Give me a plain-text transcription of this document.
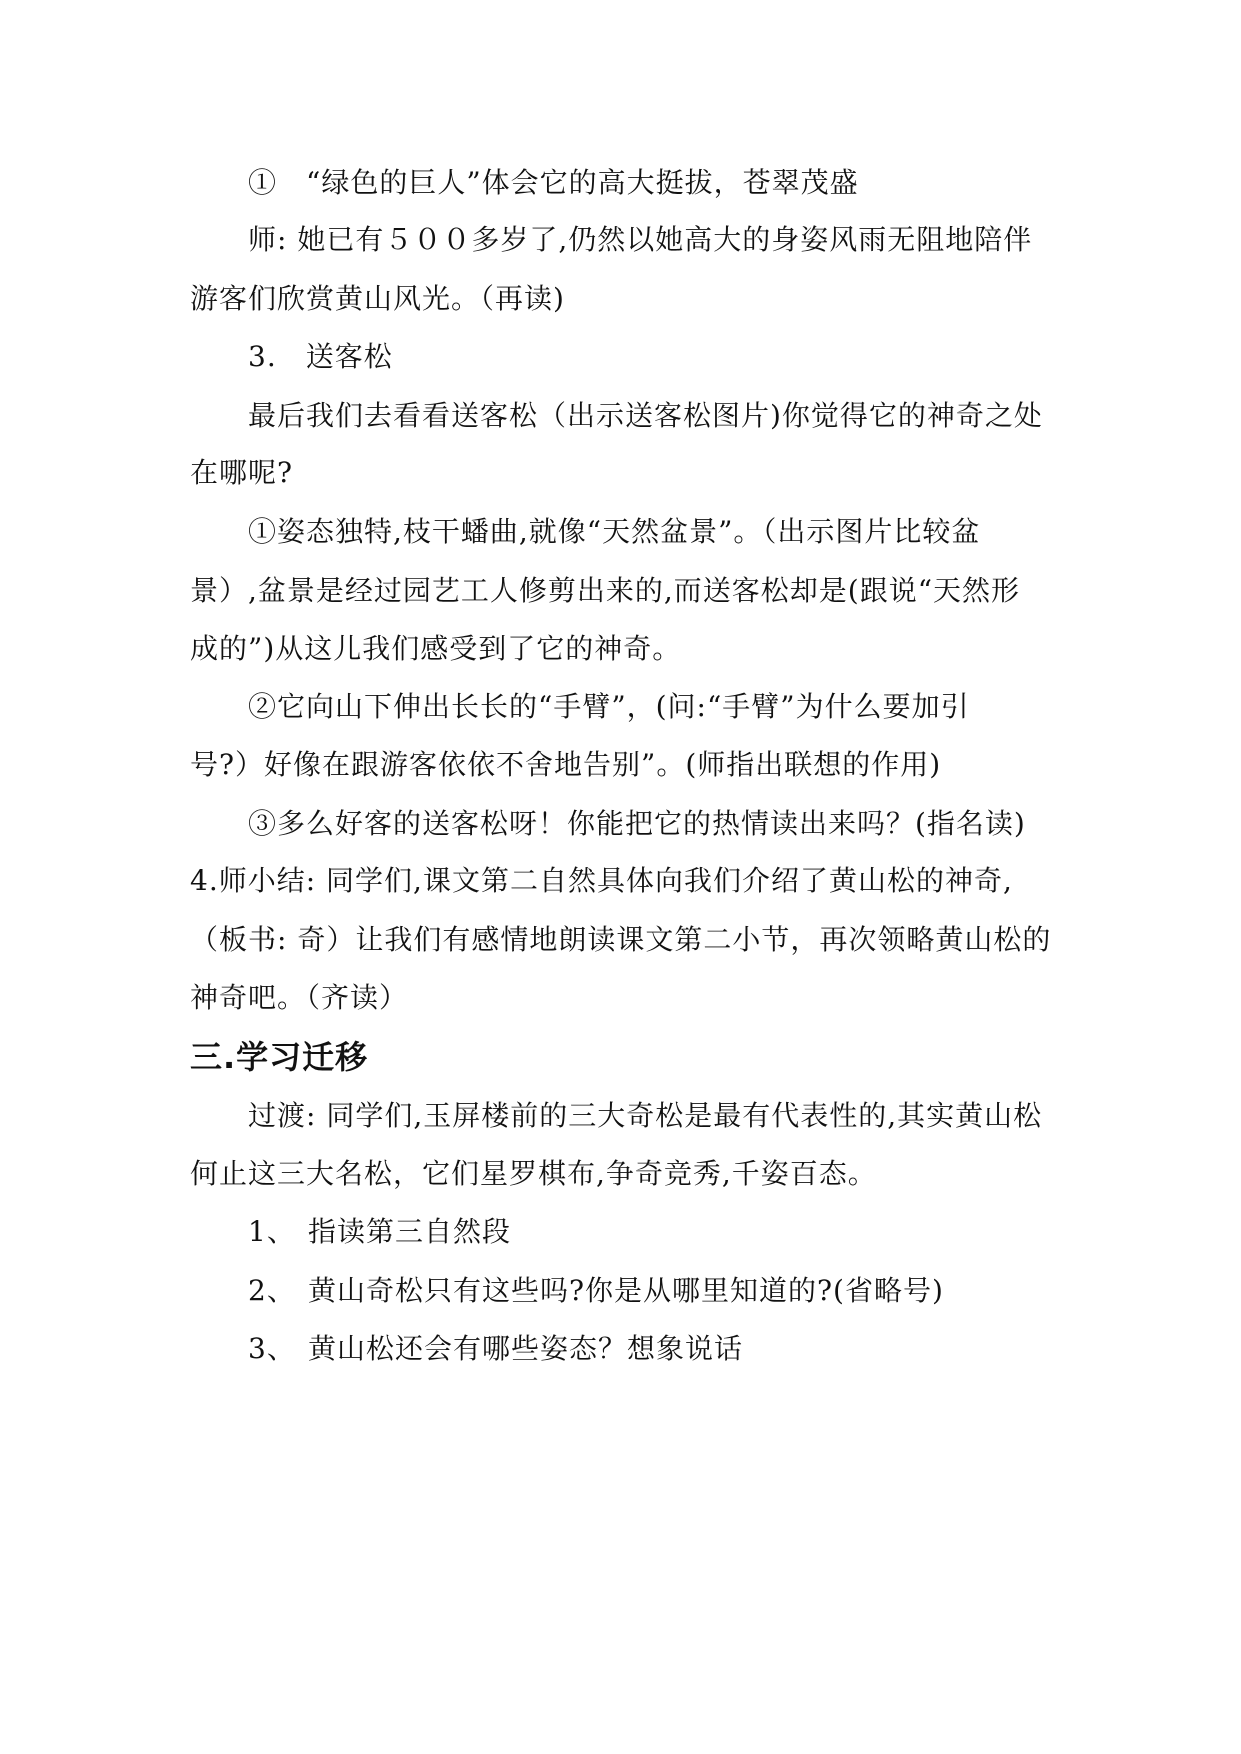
①　“绿色的巨人”体会它的高大挺拔，苍翠茂盛
师: 她已有５００多岁了,仍然以她高大的身姿风雨无阻地陪伴
游客们欣赏黄山风光。（再读)
3.　送客松
最后我们去看看送客松（出示送客松图片)你觉得它的神奇之处
在哪呢?
①姿态独特,枝干蟠曲,就像“天然盆景”。（出示图片比较盆
景）,盆景是经过园艺工人修剪出来的,而送客松却是(跟说“天然形
成的”)从这儿我们感受到了它的神奇。
②它向山下伸出长长的“手臂”，(问:“手臂”为什么要加引
号?）好像在跟游客依依不舍地告别”。(师指出联想的作用)
③多么好客的送客松呀！你能把它的热情读出来吗？(指名读)
4.师小结: 同学们,课文第二自然具体向我们介绍了黄山松的神奇,
（板书: 奇）让我们有感情地朗读课文第二小节，再次领略黄山松的
神奇吧。（齐读）
三.学习迁移
过渡: 同学们,玉屏楼前的三大奇松是最有代表性的,其实黄山松
何止这三大名松，它们星罗棋布,争奇竞秀,千姿百态。
1、 指读第三自然段
2、 黄山奇松只有这些吗?你是从哪里知道的?(省略号)
3、 黄山松还会有哪些姿态？想象说话
